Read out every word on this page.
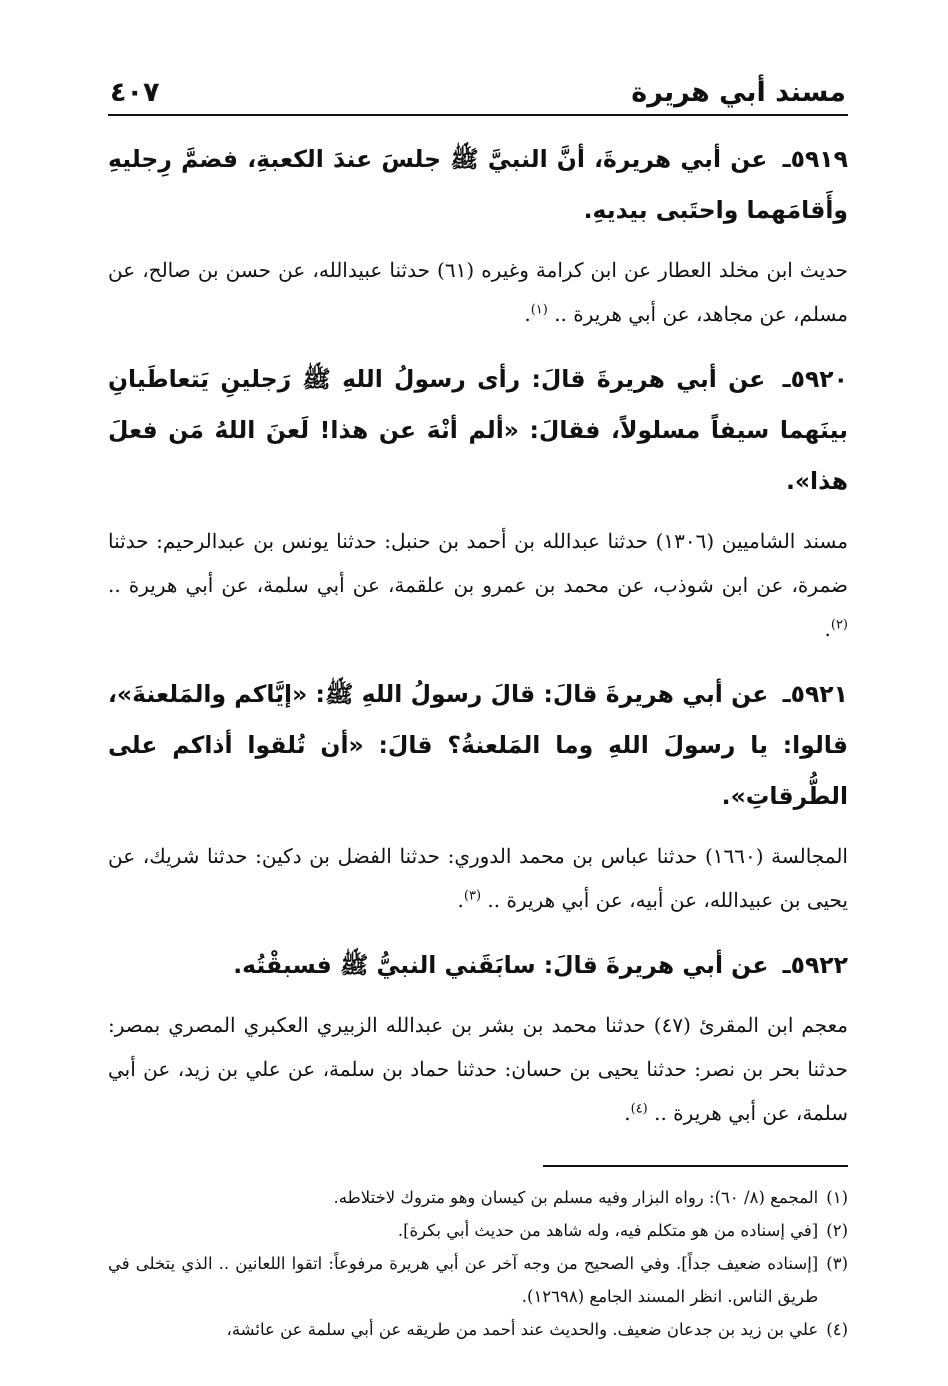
مسند أبي هريرة
٤٠٧
٥٩١٩ـ عن أبي هريرةَ، أنَّ النبيَّ ﷺ جلسَ عندَ الكعبةِ، فضمَّ رِجليهِ وأَقامَهما واحتَبى بيديهِ.
حديث ابن مخلد العطار عن ابن كرامة وغيره (٦١) حدثنا عبيدالله، عن حسن بن صالح، عن مسلم، عن مجاهد، عن أبي هريرة .. $^{(١)}$.
٥٩٢٠ـ عن أبي هريرةَ قالَ: رأى رسولُ اللهِ ﷺ رَجلينِ يَتعاطَيانِ بينَهما سيفاً مسلولاً، فقالَ: «ألم أنْهَ عن هذا! لَعنَ اللهُ مَن فعلَ هذا».
مسند الشاميين (١٣٠٦) حدثنا عبدالله بن أحمد بن حنبل: حدثنا يونس بن عبدالرحيم: حدثنا ضمرة، عن ابن شوذب، عن محمد بن عمرو بن علقمة، عن أبي سلمة، عن أبي هريرة .. $^{(٢)}$.
٥٩٢١ـ عن أبي هريرةَ قالَ: قالَ رسولُ اللهِ ﷺ: «إيَّاكم والمَلعنةَ»، قالوا: يا رسولَ اللهِ وما المَلعنةُ؟ قالَ: «أن تُلقوا أذاكم على الطُّرقاتِ».
المجالسة (١٦٦٠) حدثنا عباس بن محمد الدوري: حدثنا الفضل بن دكين: حدثنا شريك، عن يحيى بن عبيدالله، عن أبيه، عن أبي هريرة .. $^{(٣)}$.
٥٩٢٢ـ عن أبي هريرةَ قالَ: سابَقَني النبيُّ ﷺ فسبقْتُه.
معجم ابن المقرئ (٤٧) حدثنا محمد بن بشر بن عبدالله الزبيري العكبري المصري بمصر: حدثنا بحر بن نصر: حدثنا يحيى بن حسان: حدثنا حماد بن سلمة، عن علي بن زيد، عن أبي سلمة، عن أبي هريرة .. $^{(٤)}$.
(١)
المجمع (٨/ ٦٠): رواه البزار وفيه مسلم بن كيسان وهو متروك لاختلاطه.
(٢)
[في إسناده من هو متكلم فيه، وله شاهد من حديث أبي بكرة].
(٣)
[إسناده ضعيف جداً]. وفي الصحيح من وجه آخر عن أبي هريرة مرفوعاً: اتقوا اللعانين .. الذي يتخلى في طريق الناس. انظر المسند الجامع (١٢٦٩٨).
(٤)
علي بن زيد بن جدعان ضعيف. والحديث عند أحمد من طريقه عن أبي سلمة عن عائشة،
